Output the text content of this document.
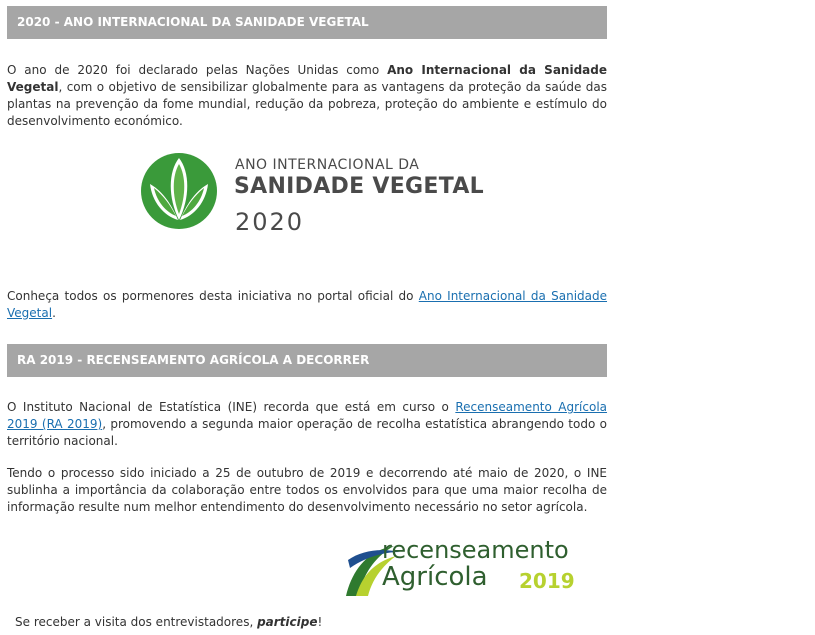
2020 - ANO INTERNACIONAL DA SANIDADE VEGETAL

O ano de 2020 foi declarado pelas Nações Unidas como Ano Internacional da Sanidade Vegetal, com o objetivo de sensibilizar globalmente para as vantagens da proteção da saúde das plantas na prevenção da fome mundial, redução da pobreza, proteção do ambiente e estímulo do desenvolvimento económico.

ANO INTERNACIONAL DA
SANIDADE VEGETAL
2020

Conheça todos os pormenores desta iniciativa no portal oficial do Ano Internacional da Sanidade Vegetal.

RA 2019 - RECENSEAMENTO AGRÍCOLA A DECORRER

O Instituto Nacional de Estatística (INE) recorda que está em curso o Recenseamento Agrícola 2019 (RA 2019), promovendo a segunda maior operação de recolha estatística abrangendo todo o território nacional.

Tendo o processo sido iniciado a 25 de outubro de 2019 e decorrendo até maio de 2020, o INE sublinha a importância da colaboração entre todos os envolvidos para que uma maior recolha de informação resulte num melhor entendimento do desenvolvimento necessário no setor agrícola.

recenseamento
Agrícola 2019

Se receber a visita dos entrevistadores, participe!
